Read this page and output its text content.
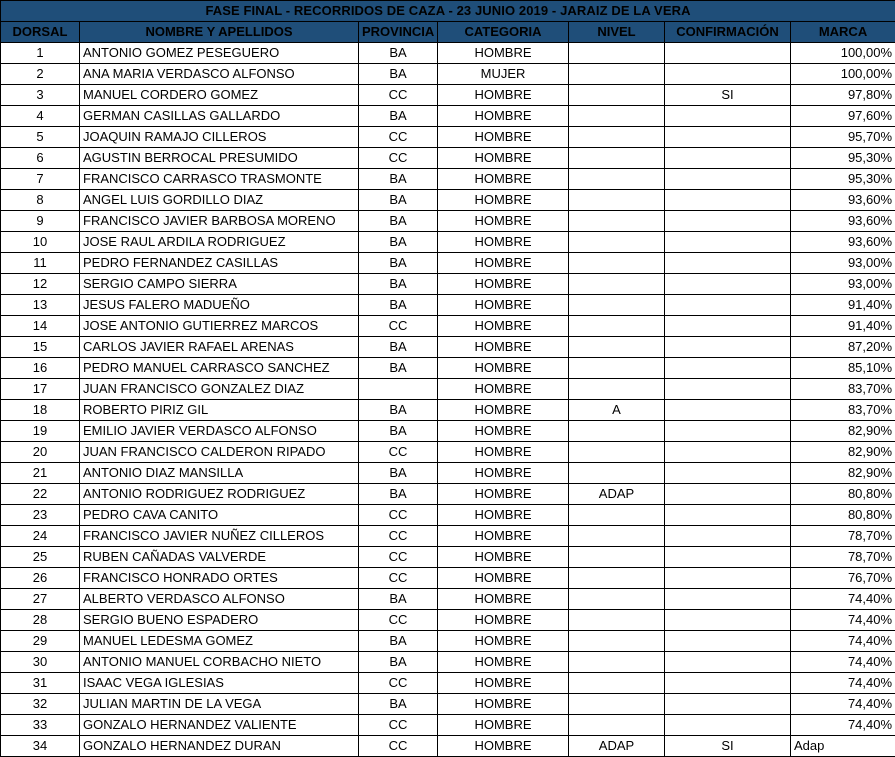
FASE FINAL - RECORRIDOS DE CAZA - 23 JUNIO 2019 - JARAIZ DE LA VERA						
DORSAL	NOMBRE Y APELLIDOS	PROVINCIA	CATEGORIA	NIVEL	CONFIRMACIÓN	MARCA
1	ANTONIO GOMEZ PESEGUERO	BA	HOMBRE			100,00%
2	ANA MARIA VERDASCO ALFONSO	BA	MUJER			100,00%
3	MANUEL CORDERO GOMEZ	CC	HOMBRE		SI	97,80%
4	GERMAN CASILLAS GALLARDO	BA	HOMBRE			97,60%
5	JOAQUIN RAMAJO CILLEROS	CC	HOMBRE			95,70%
6	AGUSTIN BERROCAL PRESUMIDO	CC	HOMBRE			95,30%
7	FRANCISCO CARRASCO TRASMONTE	BA	HOMBRE			95,30%
8	ANGEL LUIS GORDILLO DIAZ	BA	HOMBRE			93,60%
9	FRANCISCO JAVIER BARBOSA MORENO	BA	HOMBRE			93,60%
10	JOSE RAUL ARDILA RODRIGUEZ	BA	HOMBRE			93,60%
11	PEDRO FERNANDEZ CASILLAS	BA	HOMBRE			93,00%
12	SERGIO CAMPO SIERRA	BA	HOMBRE			93,00%
13	JESUS FALERO MADUEÑO	BA	HOMBRE			91,40%
14	JOSE ANTONIO GUTIERREZ MARCOS	CC	HOMBRE			91,40%
15	CARLOS JAVIER RAFAEL ARENAS	BA	HOMBRE			87,20%
16	PEDRO MANUEL CARRASCO SANCHEZ	BA	HOMBRE			85,10%
17	JUAN FRANCISCO GONZALEZ DIAZ		HOMBRE			83,70%
18	ROBERTO PIRIZ GIL	BA	HOMBRE	A		83,70%
19	EMILIO JAVIER VERDASCO ALFONSO	BA	HOMBRE			82,90%
20	JUAN FRANCISCO CALDERON RIPADO	CC	HOMBRE			82,90%
21	ANTONIO DIAZ MANSILLA	BA	HOMBRE			82,90%
22	ANTONIO RODRIGUEZ RODRIGUEZ	BA	HOMBRE	ADAP		80,80%
23	PEDRO CAVA CANITO	CC	HOMBRE			80,80%
24	FRANCISCO JAVIER NUÑEZ CILLEROS	CC	HOMBRE			78,70%
25	RUBEN CAÑADAS VALVERDE	CC	HOMBRE			78,70%
26	FRANCISCO HONRADO ORTES	CC	HOMBRE			76,70%
27	ALBERTO VERDASCO ALFONSO	BA	HOMBRE			74,40%
28	SERGIO BUENO ESPADERO	CC	HOMBRE			74,40%
29	MANUEL LEDESMA GOMEZ	BA	HOMBRE			74,40%
30	ANTONIO MANUEL CORBACHO NIETO	BA	HOMBRE			74,40%
31	ISAAC VEGA IGLESIAS	CC	HOMBRE			74,40%
32	JULIAN MARTIN DE LA VEGA	BA	HOMBRE			74,40%
33	GONZALO HERNANDEZ VALIENTE	CC	HOMBRE			74,40%
34	GONZALO HERNANDEZ DURAN	CC	HOMBRE	ADAP	SI	Adap
